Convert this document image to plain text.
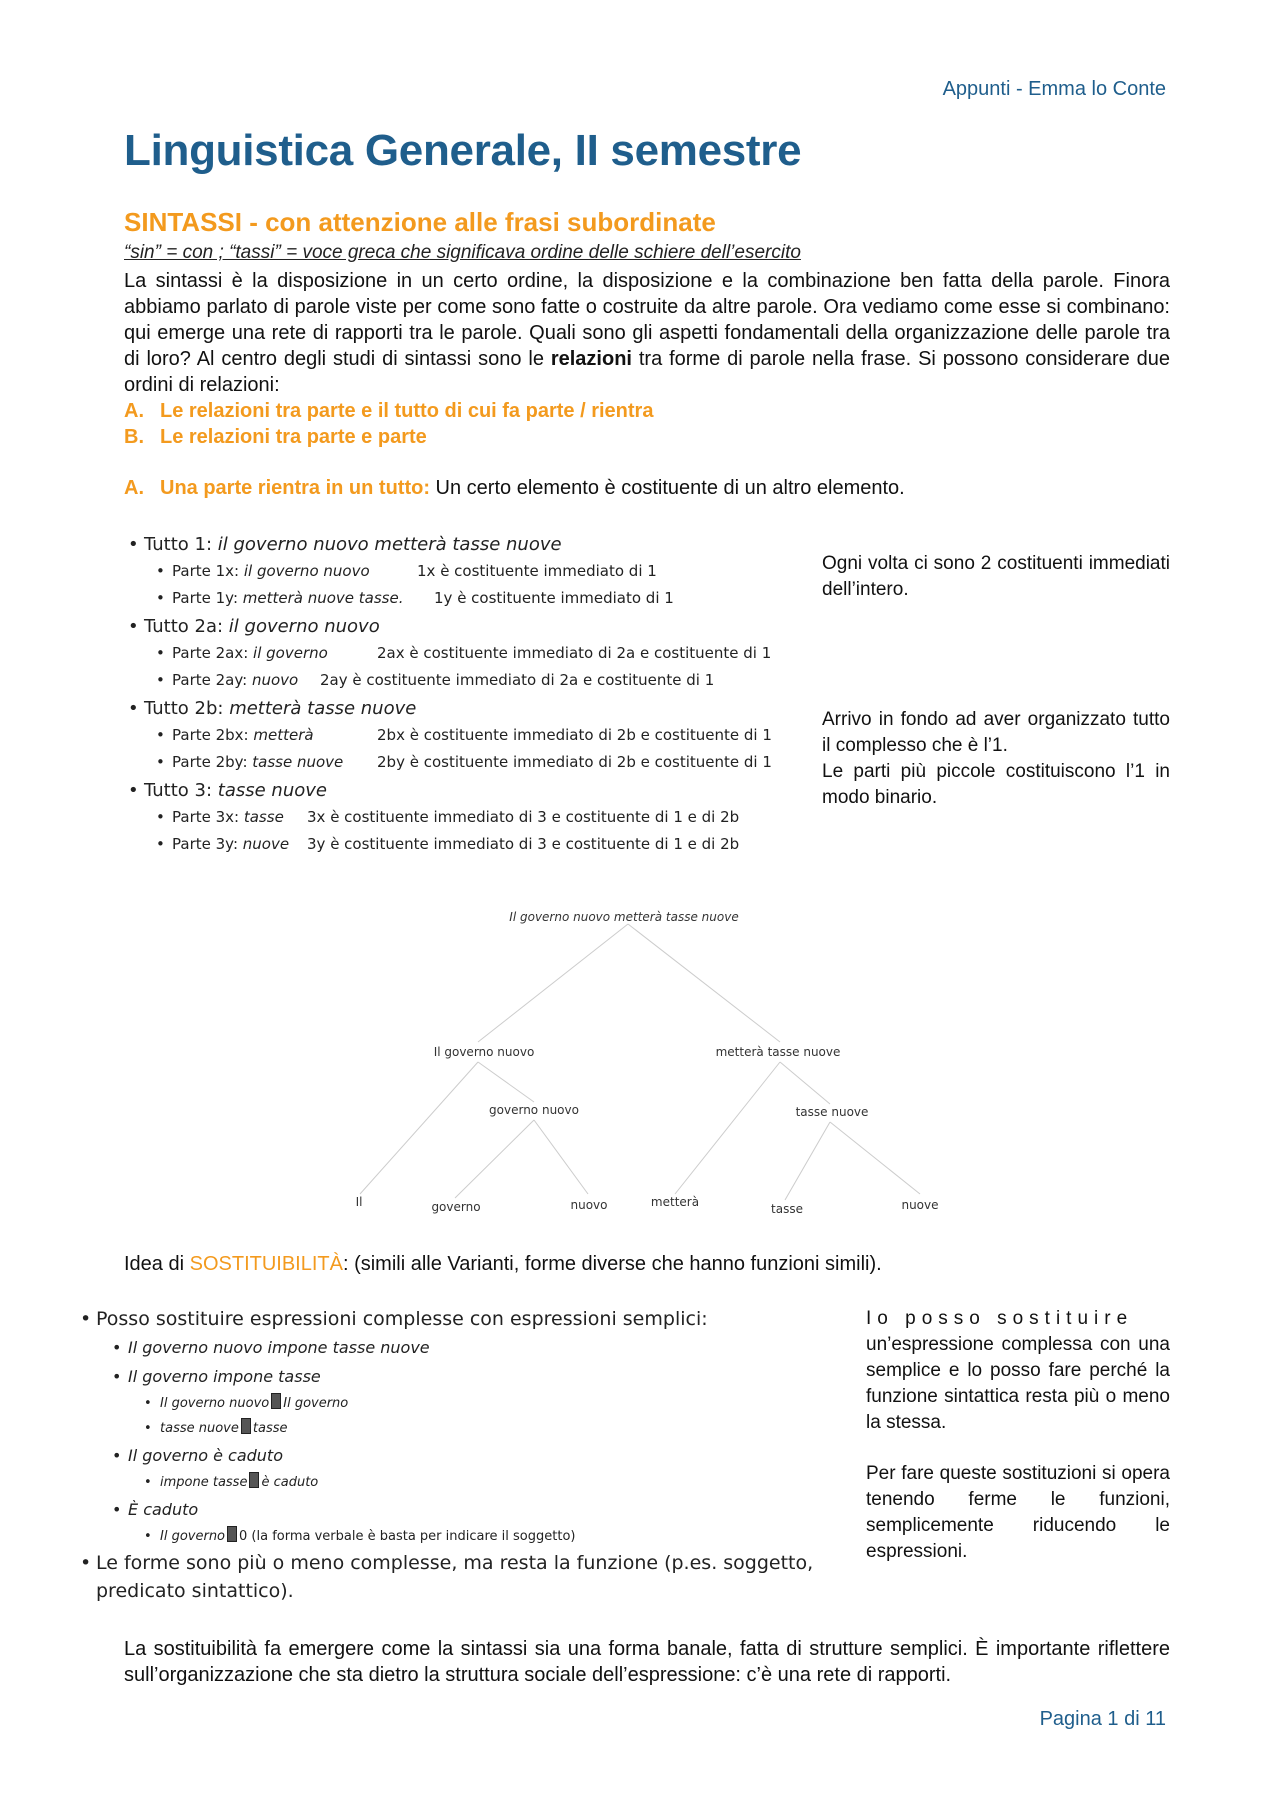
Appunti - Emma lo Conte
Linguistica Generale, II semestre
SINTASSI - con attenzione alle frasi subordinate
“sin” = con ; “tassi” = voce greca che significava ordine delle schiere dell’esercito
La sintassi è la disposizione in un certo ordine, la disposizione e la combinazione ben fatta della parole. Finora abbiamo parlato di parole viste per come sono fatte o costruite da altre parole. Ora vediamo come esse si combinano: qui emerge una rete di rapporti tra le parole. Quali sono gli aspetti fondamentali della organizzazione delle parole tra di loro? Al centro degli studi di sintassi sono le relazioni tra forme di parole nella frase. Si possono considerare due ordini di relazioni:
A. Le relazioni tra parte e il tutto di cui fa parte / rientra
B. Le relazioni tra parte e parte
A. Una parte rientra in un tutto: Un certo elemento è costituente di un altro elemento.
• Tutto 1: il governo nuovo metterà tasse nuove
• Parte 1x: il governo nuovo	1x è costituente immediato di 1
• Parte 1y: metterà nuove tasse. 1y è costituente immediato di 1
• Tutto 2a: il governo nuovo
• Parte 2ax: il governo	2ax è costituente immediato di 2a e costituente di 1
• Parte 2ay: nuovo 2ay è costituente immediato di 2a e costituente di 1
• Tutto 2b: metterà tasse nuove
• Parte 2bx: metterà	2bx è costituente immediato di 2b e costituente di 1
• Parte 2by: tasse nuove 2by è costituente immediato di 2b e costituente di 1
• Tutto 3: tasse nuove
• Parte 3x: tasse 3x è costituente immediato di 3 e costituente di 1 e di 2b
• Parte 3y: nuove 3y è costituente immediato di 3 e costituente di 1 e di 2b
Ogni volta ci sono 2 costituenti immediati dell’intero.
Arrivo in fondo ad aver organizzato tutto il complesso che è l’1.
Le parti più piccole costituiscono l’1 in modo binario.
Il governo nuovo metterà tasse nuove
Il governo nuovo	metterà tasse nuove
governo nuovo	tasse nuove
Il	governo	nuovo	metterà	tasse	nuove
Idea di SOSTITUIBILITÀ: (simili alle Varianti, forme diverse che hanno funzioni simili).
• Posso sostituire espressioni complesse con espressioni semplici:
• Il governo nuovo impone tasse nuove
• Il governo impone tasse
• Il governo nuovo Il governo
• tasse nuove tasse
• Il governo è caduto
• impone tasse è caduto
• È caduto
• Il governo 0 (la forma verbale è basta per indicare il soggetto)
• Le forme sono più o meno complesse, ma resta la funzione (p.es. soggetto, predicato sintattico).
Io posso sostituire
un’espressione complessa con una semplice e lo posso fare perché la funzione sintattica resta più o meno la stessa.
Per fare queste sostituzioni si opera tenendo ferme le funzioni, semplicemente riducendo le espressioni.
La sostituibilità fa emergere come la sintassi sia una forma banale, fatta di strutture semplici. È importante riflettere sull’organizzazione che sta dietro la struttura sociale dell’espressione: c’è una rete di rapporti.
Pagina 1 di 11
